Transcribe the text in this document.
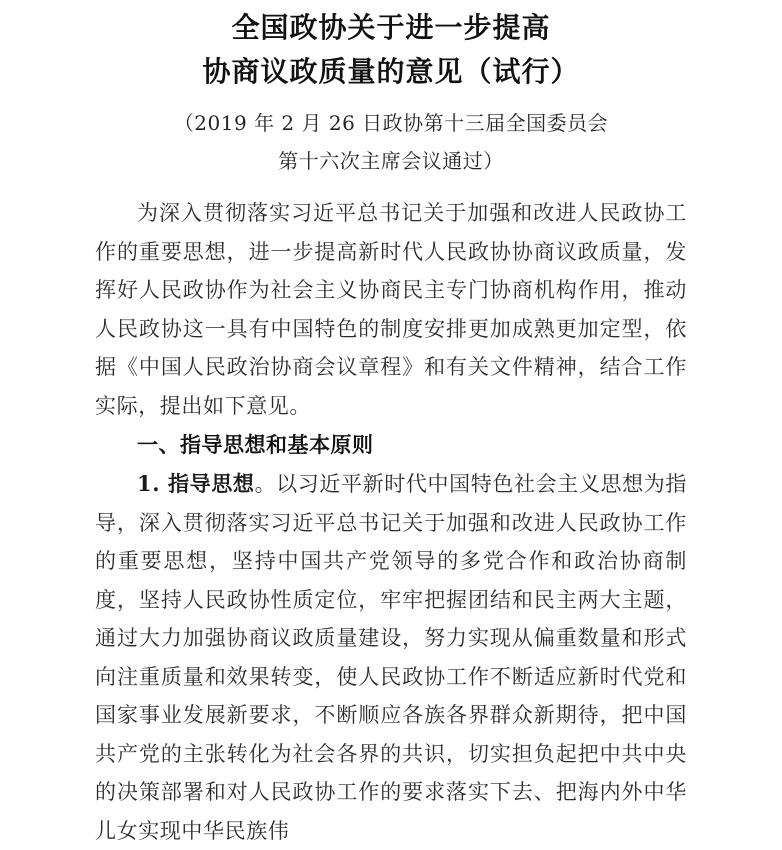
全国政协关于进一步提高
协商议政质量的意见（试行）
（2019 年 2 月 26 日政协第十三届全国委员会
第十六次主席会议通过）

为深入贯彻落实习近平总书记关于加强和改进人民政协工作的重要思想，进一步提高新时代人民政协协商议政质量，发挥好人民政协作为社会主义协商民主专门协商机构作用，推动人民政协这一具有中国特色的制度安排更加成熟更加定型，依据《中国人民政治协商会议章程》和有关文件精神，结合工作实际，提出如下意见。

一、指导思想和基本原则

1. 指导思想。以习近平新时代中国特色社会主义思想为指导，深入贯彻落实习近平总书记关于加强和改进人民政协工作的重要思想，坚持中国共产党领导的多党合作和政治协商制度，坚持人民政协性质定位，牢牢把握团结和民主两大主题，通过大力加强协商议政质量建设，努力实现从偏重数量和形式向注重质量和效果转变，使人民政协工作不断适应新时代党和国家事业发展新要求，不断顺应各族各界群众新期待，把中国共产党的主张转化为社会各界的共识，切实担负起把中共中央的决策部署和对人民政协工作的要求落实下去、把海内外中华儿女实现中华民族伟
